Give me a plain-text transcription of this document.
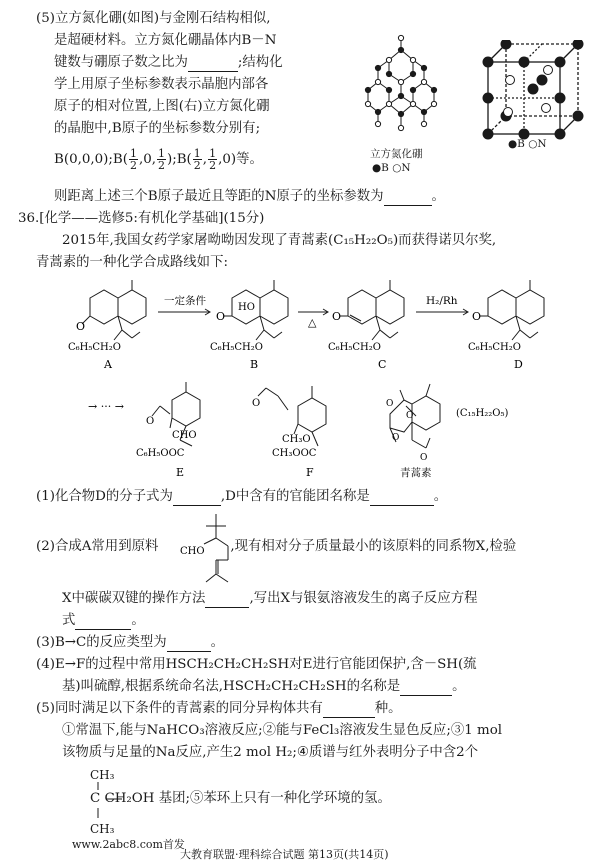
(5)立方氮化硼(如图)与金刚石结构相似,
是超硬材料。立方氮化硼晶体内B－N
键数与硼原子数之比为	;结构化
学上用原子坐标参数表示晶胞内部各
原子的相对位置,上图(右)立方氮化硼
的晶胞中,B原子的坐标参数分别有;
B(0,0,0);B( $\frac{1}{2} ,0$, $\frac{1}{2}$ );B( $\frac{1}{2}$ , $\frac{1}{2} ,0$)等。
则距离上述三个B原子最近且等距的N原子的坐标参数为	。
立方氮化硼
●B ○N
●B ○N
36.[化学——选修5:有机化学基础](15分)
2015年,我国女药学家屠呦呦因发现了青蒿素(C₁₅H₂₂O₅)而获得诺贝尔奖,
青蒿素的一种化学合成路线如下:
O
O	O	O
HO
C₆H₅CH₂O	C₆H₅CH₂O	C₆H₅CH₂O	C₆H₅CH₂O
一定条件
△
H₂/Rh
A	B	C	D
→ ··· →
O
CHO
C₆H₅OOC
O
CH₃O
CH₃OOC
O
O
O
O
(C₁₅H₂₂O₅)
E	F	青蒿素
(1)化合物D的分子式为	,D中含有的官能团名称是	。
(2)合成A常用到原料	,现有相对分子质量最小的该原料的同系物X,检验
CHO
X中碳碳双键的操作方法	,写出X与银氨溶液发生的离子反应方程
式	。
(3)B→C的反应类型为	。
(4)E→F的过程中常用HSCH₂CH₂CH₂SH对E进行官能团保护,含－SH(巯
基)叫硫醇,根据系统命名法,HSCH₂CH₂CH₂SH的名称是	。
(5)同时满足以下条件的青蒿素的同分异构体共有	种。
①常温下,能与NaHCO₃溶液反应;②能与FeCl₃溶液发生显色反应;③1 mol
该物质与足量的Na反应,产生2 mol H₂;④质谱与红外表明分子中含2个
CH₃
C CH₂OH 基团;⑤苯环上只有一种化学环境的氢。
CH₃
www.2abc8.com首发
大教育联盟·理科综合试题 第13页(共14页)
